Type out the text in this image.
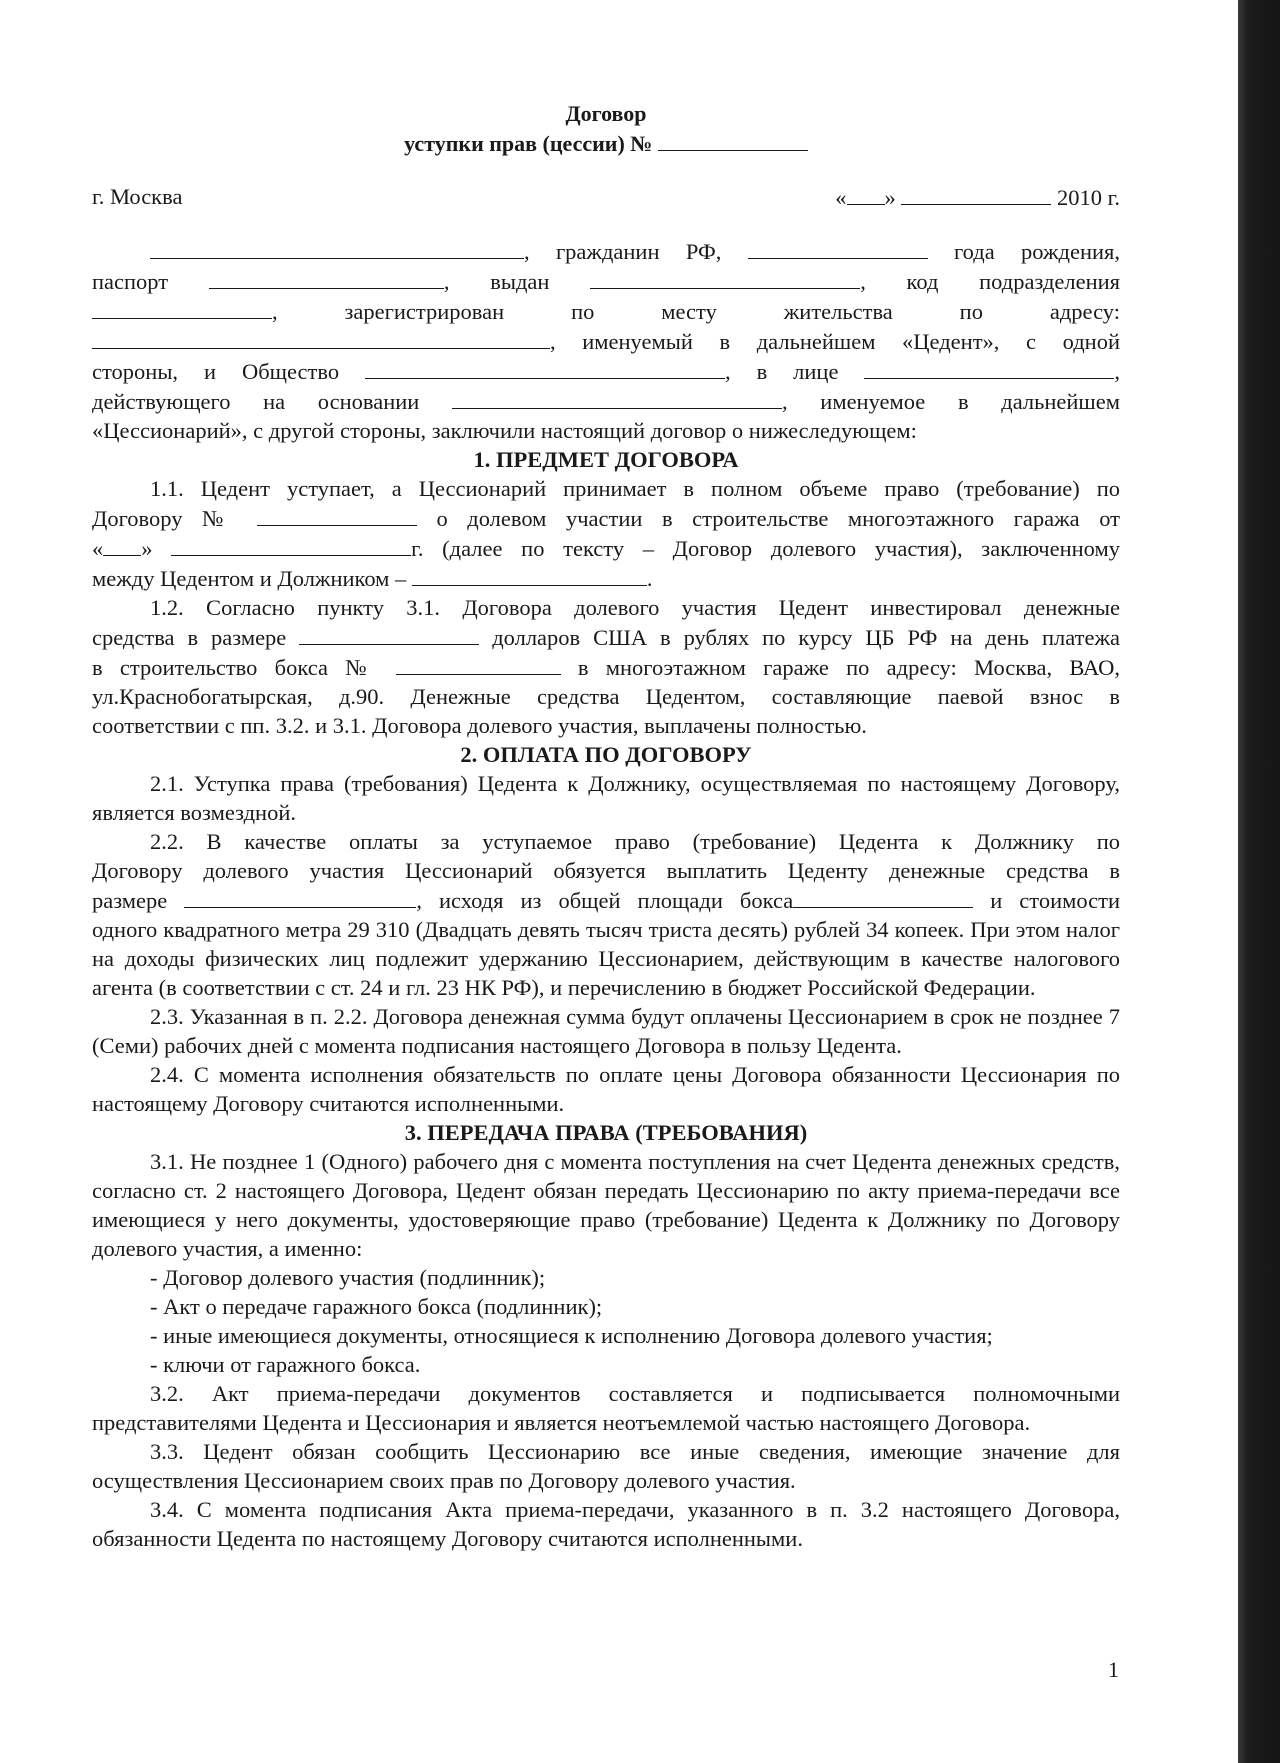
Договор
уступки прав (цессии) №
г. Москва	« »	2010 г.

, гражданин РФ,	года рождения,

паспорт	, выдан	, код подразделения

, зарегистрирован по месту жительства по адресу:

, именуемый в дальнейшем «Цедент», с одной

стороны, и Общество	, в лице	,

действующего на основании	, именуемое в дальнейшем

«Цессионарий», с другой стороны, заключили настоящий договор о нижеследующем:

1. ПРЕДМЕТ ДОГОВОРА

1.1. Цедент уступает, а Цессионарий принимает в полном объеме право (требование) по

Договору №	о долевом участии в строительстве многоэтажного гаража от

« »	г. (далее по тексту – Договор долевого участия), заключенному

между Цедентом и Должником –	.

1.2. Согласно пункту 3.1. Договора долевого участия Цедент инвестировал денежные

средства в размере	долларов США в рублях по курсу ЦБ РФ на день платежа

в строительство бокса №	в многоэтажном гараже по адресу: Москва, ВАО,

ул.Краснобогатырская, д.90. Денежные средства Цедентом, составляющие паевой взнос в

соответствии с пп. 3.2. и 3.1. Договора долевого участия, выплачены полностью.

2. ОПЛАТА ПО ДОГОВОРУ

2.1. Уступка права (требования) Цедента к Должнику, осуществляемая по настоящему Договору, является возмездной.

2.2. В качестве оплаты за уступаемое право (требование) Цедента к Должнику по

Договору долевого участия Цессионарий обязуется выплатить Цеденту денежные средства в

размере	, исходя из общей площади бокса	и стоимости

одного квадратного метра 29 310 (Двадцать девять тысяч триста десять) рублей 34 копеек. При этом налог на доходы физических лиц подлежит удержанию Цессионарием, действующим в качестве налогового агента (в соответствии с ст. 24 и гл. 23 НК РФ), и перечислению в бюджет Российской Федерации.

2.3. Указанная в п. 2.2. Договора денежная сумма будут оплачены Цессионарием в срок не позднее 7 (Семи) рабочих дней с момента подписания настоящего Договора в пользу Цедента.

2.4. С момента исполнения обязательств по оплате цены Договора обязанности Цессионария по настоящему Договору считаются исполненными.

3. ПЕРЕДАЧА ПРАВА (ТРЕБОВАНИЯ)

3.1. Не позднее 1 (Одного) рабочего дня с момента поступления на счет Цедента денежных средств, согласно ст. 2 настоящего Договора, Цедент обязан передать Цессионарию по акту приема-передачи все имеющиеся у него документы, удостоверяющие право (требование) Цедента к Должнику по Договору долевого участия, а именно:

- Договор долевого участия (подлинник);

- Акт о передаче гаражного бокса (подлинник);

- иные имеющиеся документы, относящиеся к исполнению Договора долевого участия;

- ключи от гаражного бокса.

3.2. Акт приема-передачи документов составляется и подписывается полномочными представителями Цедента и Цессионария и является неотъемлемой частью настоящего Договора.

3.3. Цедент обязан сообщить Цессионарию все иные сведения, имеющие значение для осуществления Цессионарием своих прав по Договору долевого участия.

3.4. С момента подписания Акта приема-передачи, указанного в п. 3.2 настоящего Договора, обязанности Цедента по настоящему Договору считаются исполненными.

1
